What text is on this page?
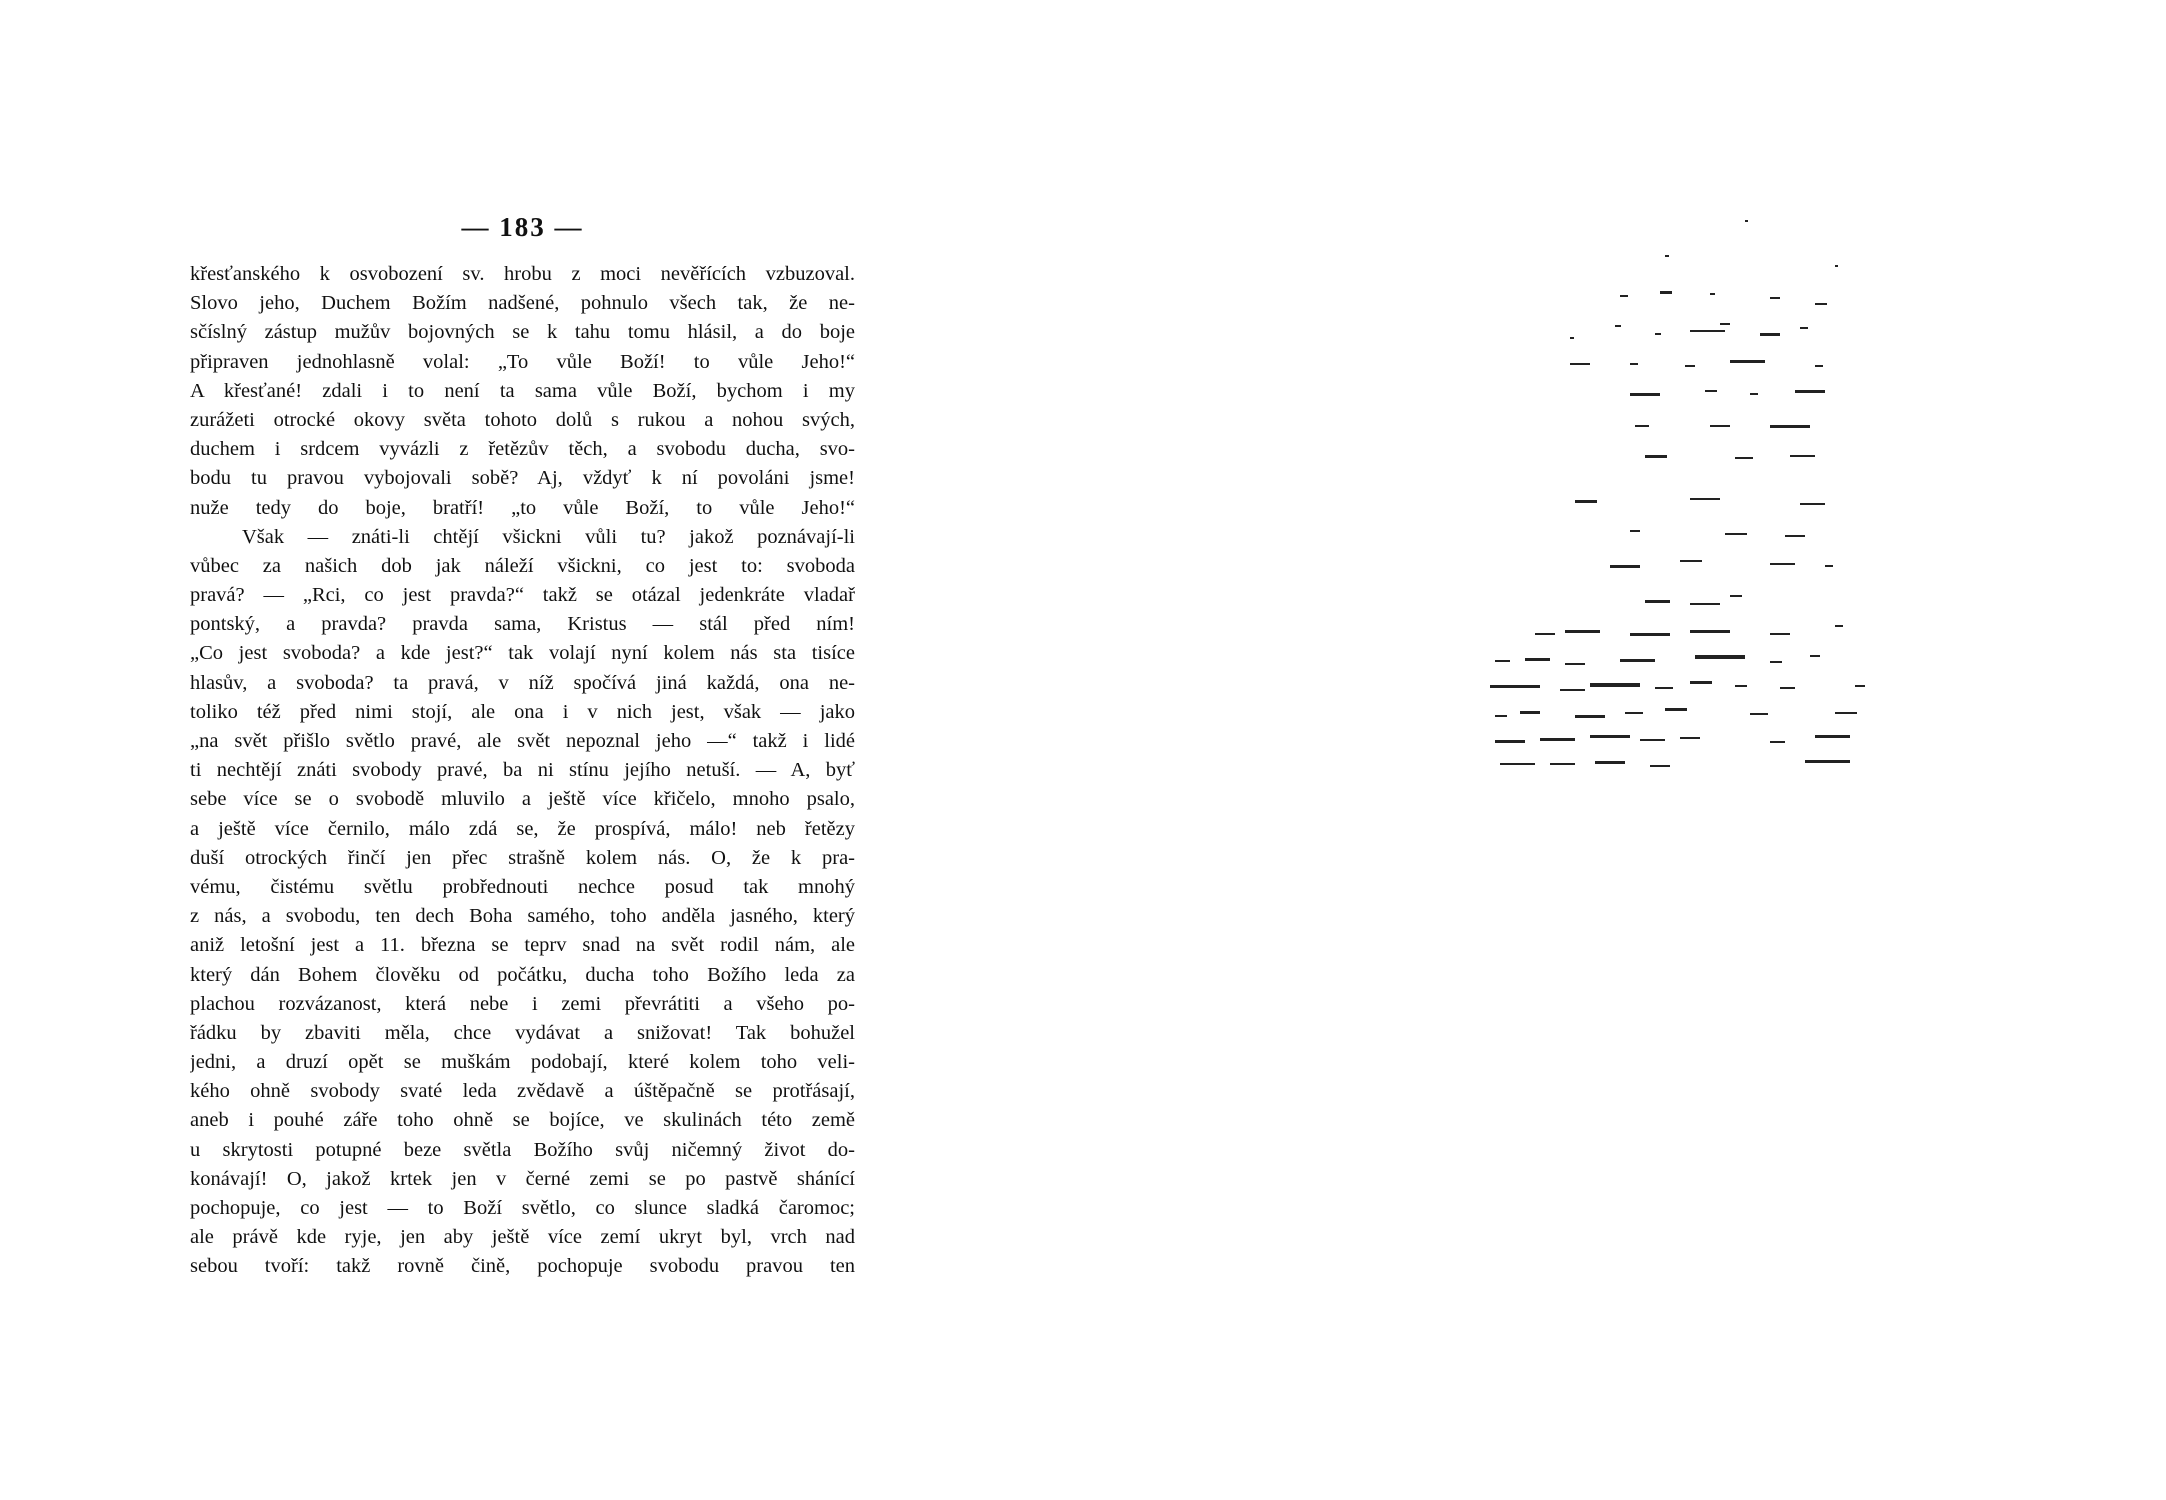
— 183 —
křesťanského k osvobození sv. hrobu z moci nevěřících vzbuzoval.
Slovo jeho, Duchem Božím nadšené, pohnulo všech tak, že ne-
sčíslný zástup mužův bojovných se k tahu tomu hlásil, a do boje
připraven jednohlasně volal: „To vůle Boží! to vůle Jeho!“
A křesťané! zdali i to není ta sama vůle Boží, bychom i my
zurážeti otrocké okovy světa tohoto dolů s rukou a nohou svých,
duchem i srdcem vyvázli z řetězův těch, a svobodu ducha, svo-
bodu tu pravou vybojovali sobě? Aj, vždyť k ní povoláni jsme!
nuže tedy do boje, bratří! „to vůle Boží, to vůle Jeho!“
Však — znáti-li chtějí všickni vůli tu? jakož poznávají-li
vůbec za našich dob jak náleží všickni, co jest to: svoboda
pravá? — „Rci, co jest pravda?“ takž se otázal jedenkráte vladař
pontský, a pravda? pravda sama, Kristus — stál před ním!
„Co jest svoboda? a kde jest?“ tak volají nyní kolem nás sta tisíce
hlasův, a svoboda? ta pravá, v níž spočívá jiná každá, ona ne-
toliko též před nimi stojí, ale ona i v nich jest, však — jako
„na svět přišlo světlo pravé, ale svět nepoznal jeho —“ takž i lidé
ti nechtějí znáti svobody pravé, ba ni stínu jejího netuší. — A, byť
sebe více se o svobodě mluvilo a ještě více křičelo, mnoho psalo,
a ještě více černilo, málo zdá se, že prospívá, málo! neb řetězy
duší otrockých řinčí jen přec strašně kolem nás. O, že k pra-
vému, čistému světlu probřednouti nechce posud tak mnohý
z nás, a svobodu, ten dech Boha samého, toho anděla jasného, který
aniž letošní jest a 11. března se teprv snad na svět rodil nám, ale
který dán Bohem člověku od počátku, ducha toho Božího leda za
plachou rozvázanost, která nebe i zemi převrátiti a všeho po-
řádku by zbaviti měla, chce vydávat a snižovat! Tak bohužel
jedni, a druzí opět se muškám podobají, které kolem toho veli-
kého ohně svobody svaté leda zvědavě a úštěpačně se protřásají,
aneb i pouhé záře toho ohně se bojíce, ve skulinách této země
u skrytosti potupné beze světla Božího svůj ničemný život do-
konávají! O, jakož krtek jen v černé zemi se po pastvě shánící
pochopuje, co jest — to Boží světlo, co slunce sladká čaromoc;
ale právě kde ryje, jen aby ještě více zemí ukryt byl, vrch nad
sebou tvoří: takž rovně čině, pochopuje svobodu pravou ten
